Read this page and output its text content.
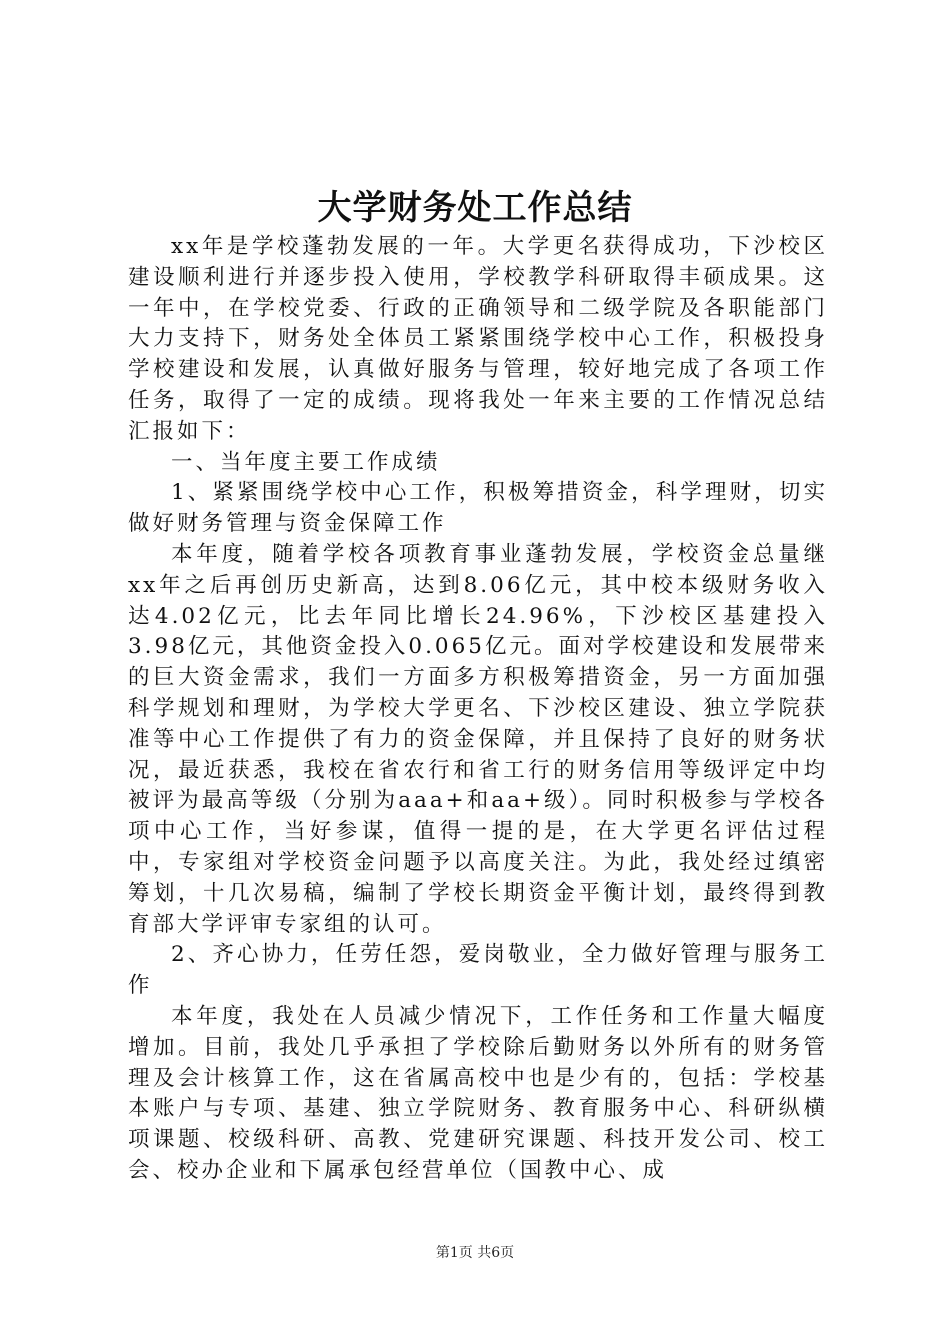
大学财务处工作总结

xx年是学校蓬勃发展的一年。大学更名获得成功，下沙校区建设顺利进行并逐步投入使用，学校教学科研取得丰硕成果。这一年中，在学校党委、行政的正确领导和二级学院及各职能部门大力支持下，财务处全体员工紧紧围绕学校中心工作，积极投身学校建设和发展，认真做好服务与管理，较好地完成了各项工作任务，取得了一定的成绩。现将我处一年来主要的工作情况总结汇报如下：

一、当年度主要工作成绩

1、紧紧围绕学校中心工作，积极筹措资金，科学理财，切实做好财务管理与资金保障工作

本年度，随着学校各项教育事业蓬勃发展，学校资金总量继xx年之后再创历史新高，达到8.06亿元，其中校本级财务收入达4.02亿元，比去年同比增长24.96%，下沙校区基建投入3.98亿元，其他资金投入0.065亿元。面对学校建设和发展带来的巨大资金需求，我们一方面多方积极筹措资金，另一方面加强科学规划和理财，为学校大学更名、下沙校区建设、独立学院获准等中心工作提供了有力的资金保障，并且保持了良好的财务状况，最近获悉，我校在省农行和省工行的财务信用等级评定中均被评为最高等级（分别为aaa+和aa+级）。同时积极参与学校各项中心工作，当好参谋，值得一提的是，在大学更名评估过程中，专家组对学校资金问题予以高度关注。为此，我处经过缜密筹划，十几次易稿，编制了学校长期资金平衡计划，最终得到教育部大学评审专家组的认可。

2、齐心协力，任劳任怨，爱岗敬业，全力做好管理与服务工作

本年度，我处在人员减少情况下，工作任务和工作量大幅度增加。目前，我处几乎承担了学校除后勤财务以外所有的财务管理及会计核算工作，这在省属高校中也是少有的，包括：学校基本账户与专项、基建、独立学院财务、教育服务中心、科研纵横项课题、校级科研、高教、党建研究课题、科技开发公司、校工会、校办企业和下属承包经营单位（国教中心、成

第1页 共6页
